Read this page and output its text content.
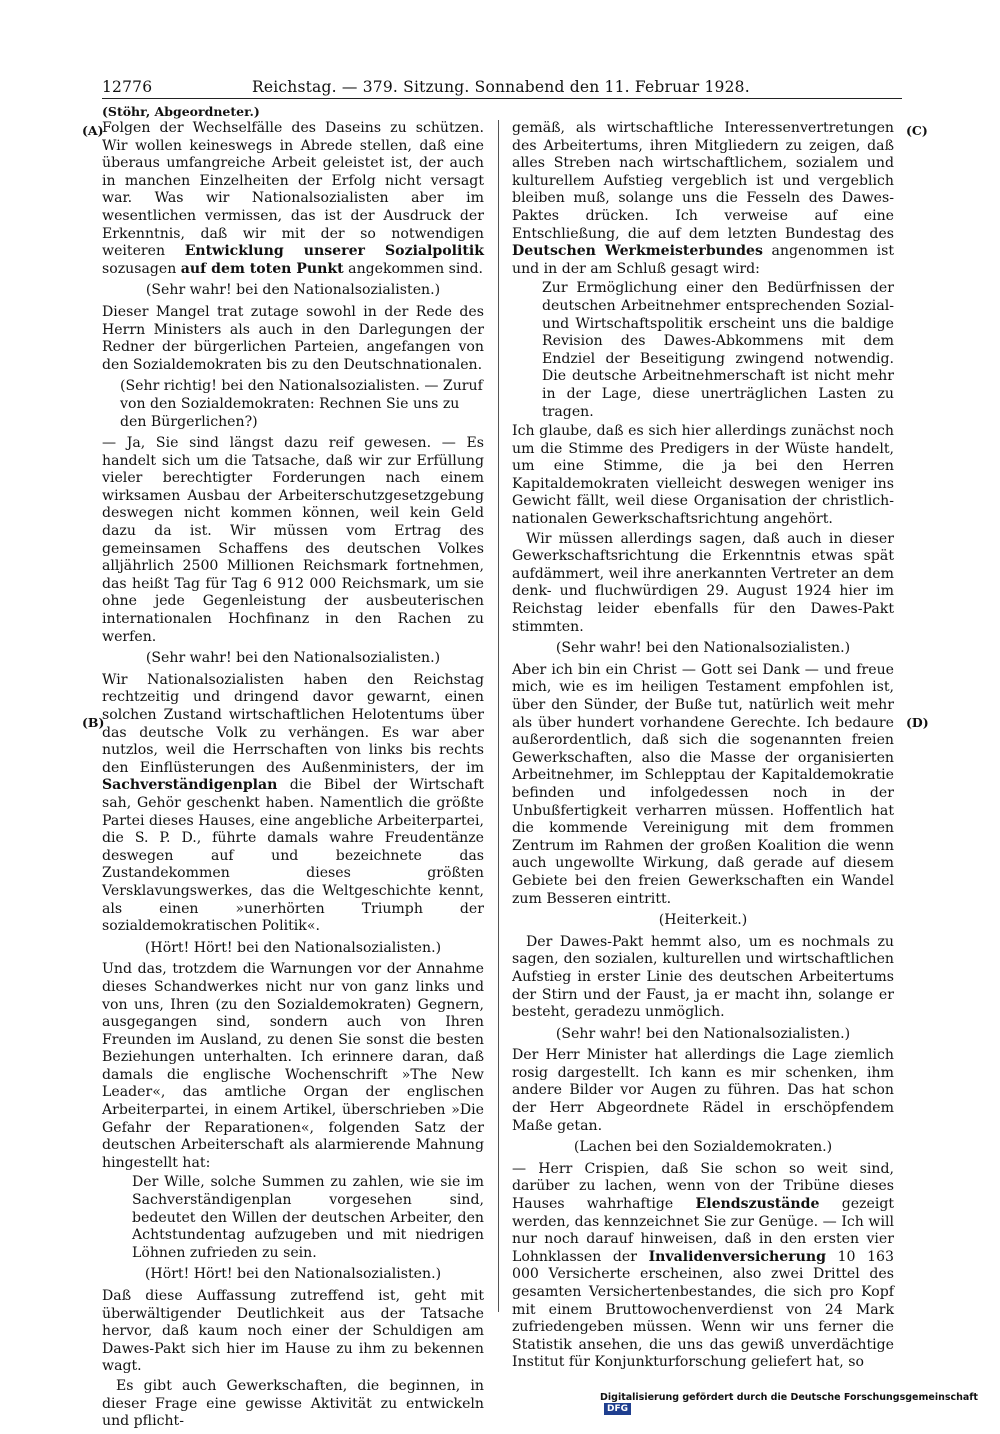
12776	Reichstag. — 379. Sitzung. Sonnabend den 11. Februar 1928.
(Stöhr, Abgeordneter.)
(A)
(B)
(C)
(D)

Folgen der Wechselfälle des Daseins zu schützen. Wir wollen keineswegs in Abrede stellen, daß eine überaus umfangreiche Arbeit geleistet ist, der auch in manchen Einzelheiten der Erfolg nicht versagt war. Was wir Nationalsozialisten aber im wesentlichen vermissen, das ist der Ausdruck der Erkenntnis, daß wir mit der so notwendigen weiteren Entwicklung unserer Sozialpolitik sozusagen auf dem toten Punkt angekommen sind.

(Sehr wahr! bei den Nationalsozialisten.)

Dieser Mangel trat zutage sowohl in der Rede des Herrn Ministers als auch in den Darlegungen der Redner der bürgerlichen Parteien, angefangen von den Sozialdemokraten bis zu den Deutschnationalen.

(Sehr richtig! bei den Nationalsozialisten. — Zuruf von den Sozialdemokraten: Rechnen Sie uns zu den Bürgerlichen?)

— Ja, Sie sind längst dazu reif gewesen. — Es handelt sich um die Tatsache, daß wir zur Erfüllung vieler berechtigter Forderungen nach einem wirksamen Ausbau der Arbeiterschutzgesetzgebung deswegen nicht kommen können, weil kein Geld dazu da ist. Wir müssen vom Ertrag des gemeinsamen Schaffens des deutschen Volkes alljährlich 2500 Millionen Reichsmark fortnehmen, das heißt Tag für Tag 6 912 000 Reichsmark, um sie ohne jede Gegenleistung der ausbeuterischen internationalen Hochfinanz in den Rachen zu werfen.

(Sehr wahr! bei den Nationalsozialisten.)

Wir Nationalsozialisten haben den Reichstag rechtzeitig und dringend davor gewarnt, einen solchen Zustand wirtschaftlichen Helotentums über das deutsche Volk zu verhängen. Es war aber nutzlos, weil die Herrschaften von links bis rechts den Einflüsterungen des Außenministers, der im Sachverständigenplan die Bibel der Wirtschaft sah, Gehör geschenkt haben. Namentlich die größte Partei dieses Hauses, eine angebliche Arbeiterpartei, die S. P. D., führte damals wahre Freudentänze deswegen auf und bezeichnete das Zustandekommen dieses größten Versklavungswerkes, das die Weltgeschichte kennt, als einen »unerhörten Triumph der sozialdemokratischen Politik«.

(Hört! Hört! bei den Nationalsozialisten.)

Und das, trotzdem die Warnungen vor der Annahme dieses Schandwerkes nicht nur von ganz links und von uns, Ihren (zu den Sozialdemokraten) Gegnern, ausgegangen sind, sondern auch von Ihren Freunden im Ausland, zu denen Sie sonst die besten Beziehungen unterhalten. Ich erinnere daran, daß damals die englische Wochenschrift »The New Leader«, das amtliche Organ der englischen Arbeiterpartei, in einem Artikel, überschrieben »Die Gefahr der Reparationen«, folgenden Satz der deutschen Arbeiterschaft als alarmierende Mahnung hingestellt hat:

Der Wille, solche Summen zu zahlen, wie sie im Sachverständigenplan vorgesehen sind, bedeutet den Willen der deutschen Arbeiter, den Achtstundentag aufzugeben und mit niedrigen Löhnen zufrieden zu sein.

(Hört! Hört! bei den Nationalsozialisten.)

Daß diese Auffassung zutreffend ist, geht mit überwältigender Deutlichkeit aus der Tatsache hervor, daß kaum noch einer der Schuldigen am Dawes-Pakt sich hier im Hause zu ihm zu bekennen wagt.

Es gibt auch Gewerkschaften, die beginnen, in dieser Frage eine gewisse Aktivität zu entwickeln und pflicht-

gemäß, als wirtschaftliche Interessenvertretungen des Arbeitertums, ihren Mitgliedern zu zeigen, daß alles Streben nach wirtschaftlichem, sozialem und kulturellem Aufstieg vergeblich ist und vergeblich bleiben muß, solange uns die Fesseln des Dawes-Paktes drücken. Ich verweise auf eine Entschließung, die auf dem letzten Bundestag des Deutschen Werkmeisterbundes angenommen ist und in der am Schluß gesagt wird:

Zur Ermöglichung einer den Bedürfnissen der deutschen Arbeitnehmer entsprechenden Sozial- und Wirtschaftspolitik erscheint uns die baldige Revision des Dawes-Abkommens mit dem Endziel der Beseitigung zwingend notwendig. Die deutsche Arbeitnehmerschaft ist nicht mehr in der Lage, diese unerträglichen Lasten zu tragen.

Ich glaube, daß es sich hier allerdings zunächst noch um die Stimme des Predigers in der Wüste handelt, um eine Stimme, die ja bei den Herren Kapitaldemokraten vielleicht deswegen weniger ins Gewicht fällt, weil diese Organisation der christlich-nationalen Gewerkschaftsrichtung angehört.

Wir müssen allerdings sagen, daß auch in dieser Gewerkschaftsrichtung die Erkenntnis etwas spät aufdämmert, weil ihre anerkannten Vertreter an dem denk- und fluchwürdigen 29. August 1924 hier im Reichstag leider ebenfalls für den Dawes-Pakt stimmten.

(Sehr wahr! bei den Nationalsozialisten.)

Aber ich bin ein Christ — Gott sei Dank — und freue mich, wie es im heiligen Testament empfohlen ist, über den Sünder, der Buße tut, natürlich weit mehr als über hundert vorhandene Gerechte. Ich bedaure außerordentlich, daß sich die sogenannten freien Gewerkschaften, also die Masse der organisierten Arbeitnehmer, im Schlepptau der Kapitaldemokratie befinden und infolgedessen noch in der Unbußfertigkeit verharren müssen. Hoffentlich hat die kommende Vereinigung mit dem frommen Zentrum im Rahmen der großen Koalition die wenn auch ungewollte Wirkung, daß gerade auf diesem Gebiete bei den freien Gewerkschaften ein Wandel zum Besseren eintritt.

(Heiterkeit.)

Der Dawes-Pakt hemmt also, um es nochmals zu sagen, den sozialen, kulturellen und wirtschaftlichen Aufstieg in erster Linie des deutschen Arbeitertums der Stirn und der Faust, ja er macht ihn, solange er besteht, geradezu unmöglich.

(Sehr wahr! bei den Nationalsozialisten.)

Der Herr Minister hat allerdings die Lage ziemlich rosig dargestellt. Ich kann es mir schenken, ihm andere Bilder vor Augen zu führen. Das hat schon der Herr Abgeordnete Rädel in erschöpfendem Maße getan.

(Lachen bei den Sozialdemokraten.)

— Herr Crispien, daß Sie schon so weit sind, darüber zu lachen, wenn von der Tribüne dieses Hauses wahrhaftige Elendszustände gezeigt werden, das kennzeichnet Sie zur Genüge. — Ich will nur noch darauf hinweisen, daß in den ersten vier Lohnklassen der Invalidenversicherung 10 163 000 Versicherte erscheinen, also zwei Drittel des gesamten Versichertenbestandes, die sich pro Kopf mit einem Bruttowochenverdienst von 24 Mark zufriedengeben müssen. Wenn wir uns ferner die Statistik ansehen, die uns das gewiß unverdächtige Institut für Konjunkturforschung geliefert hat, so

Digitalisierung gefördert durch die Deutsche Forschungsgemeinschaft DFG
